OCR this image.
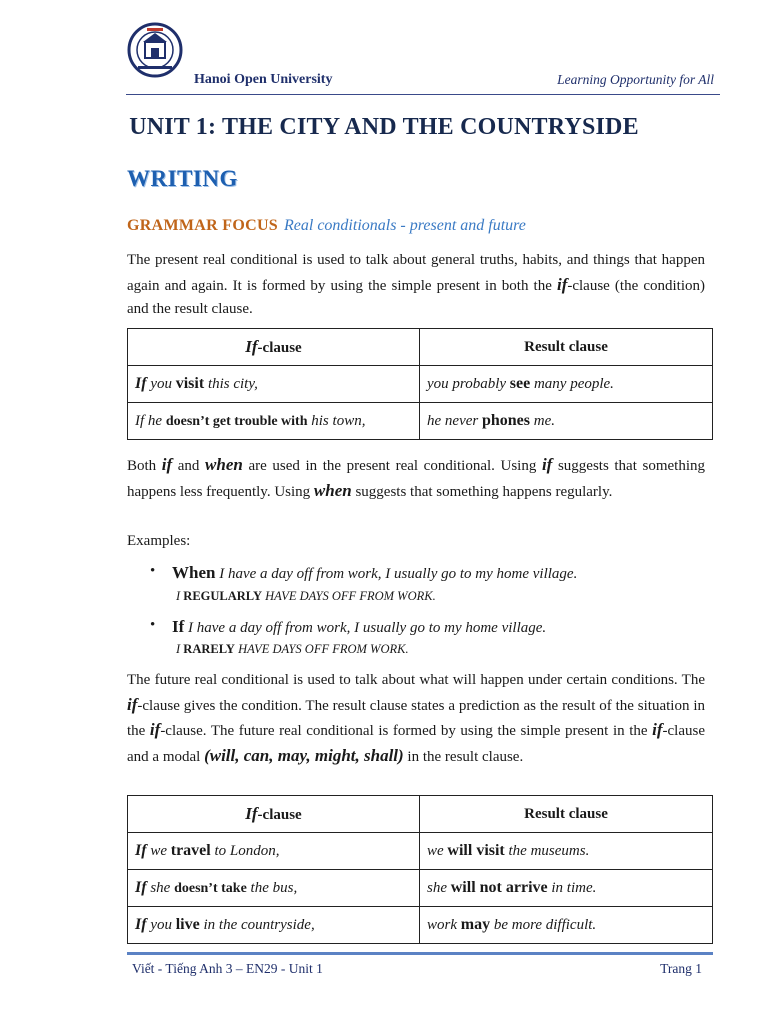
Hanoi Open University	Learning Opportunity for All
UNIT 1: THE CITY AND THE COUNTRYSIDE
WRITING
GRAMMAR FOCUS Real conditionals - present and future
The present real conditional is used to talk about general truths, habits, and things that happen again and again. It is formed by using the simple present in both the if-clause (the condition) and the result clause.
If-clause	Result clause
If you visit this city,	you probably see many people.
If he doesn’t get trouble with his town,	he never phones me.
Both if and when are used in the present real conditional. Using if suggests that something happens less frequently. Using when suggests that something happens regularly.
Examples:
• When I have a day off from work, I usually go to my home village.
I REGULARLY HAVE DAYS OFF FROM WORK.
• If I have a day off from work, I usually go to my home village.
I RARELY HAVE DAYS OFF FROM WORK.
The future real conditional is used to talk about what will happen under certain conditions. The if-clause gives the condition. The result clause states a prediction as the result of the situation in the if-clause. The future real conditional is formed by using the simple present in the if-clause and a modal (will, can, may, might, shall) in the result clause.
If-clause	Result clause
If we travel to London,	we will visit the museums.
If she doesn’t take the bus,	she will not arrive in time.
If you live in the countryside,	work may be more difficult.
Viết - Tiếng Anh 3 – EN29 - Unit 1	Trang 1
